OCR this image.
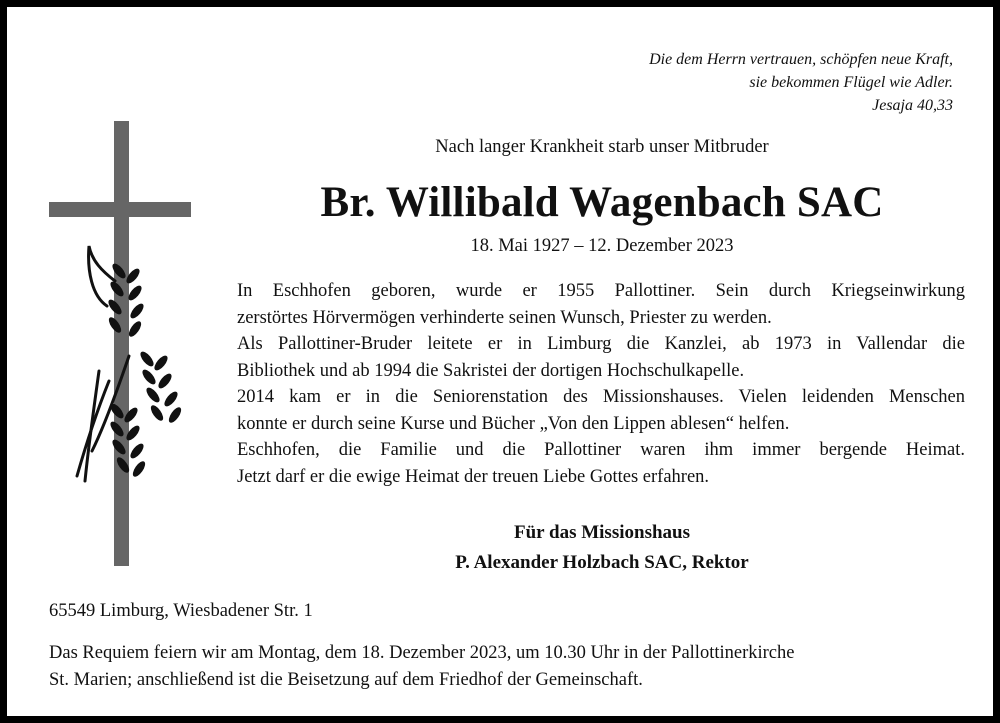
Die dem Herrn vertrauen, schöpfen neue Kraft,
sie bekommen Flügel wie Adler.
Jesaja 40,33
Nach langer Krankheit starb unser Mitbruder
Br. Willibald Wagenbach SAC
18. Mai 1927 – 12. Dezember 2023
In Eschhofen geboren, wurde er 1955 Pallottiner. Sein durch Kriegseinwirkung
zerstörtes Hörvermögen verhinderte seinen Wunsch, Priester zu werden.
Als Pallottiner-Bruder leitete er in Limburg die Kanzlei, ab 1973 in Vallendar die
Bibliothek und ab 1994 die Sakristei der dortigen Hochschulkapelle.
2014 kam er in die Seniorenstation des Missionshauses. Vielen leidenden Menschen
konnte er durch seine Kurse und Bücher „Von den Lippen ablesen“ helfen.
Eschhofen, die Familie und die Pallottiner waren ihm immer bergende Heimat.
Jetzt darf er die ewige Heimat der treuen Liebe Gottes erfahren.
Für das Missionshaus
P. Alexander Holzbach SAC, Rektor
65549 Limburg, Wiesbadener Str. 1
Das Requiem feiern wir am Montag, dem 18. Dezember 2023, um 10.30 Uhr in der Pallottinerkirche
St. Marien; anschließend ist die Beisetzung auf dem Friedhof der Gemeinschaft.
